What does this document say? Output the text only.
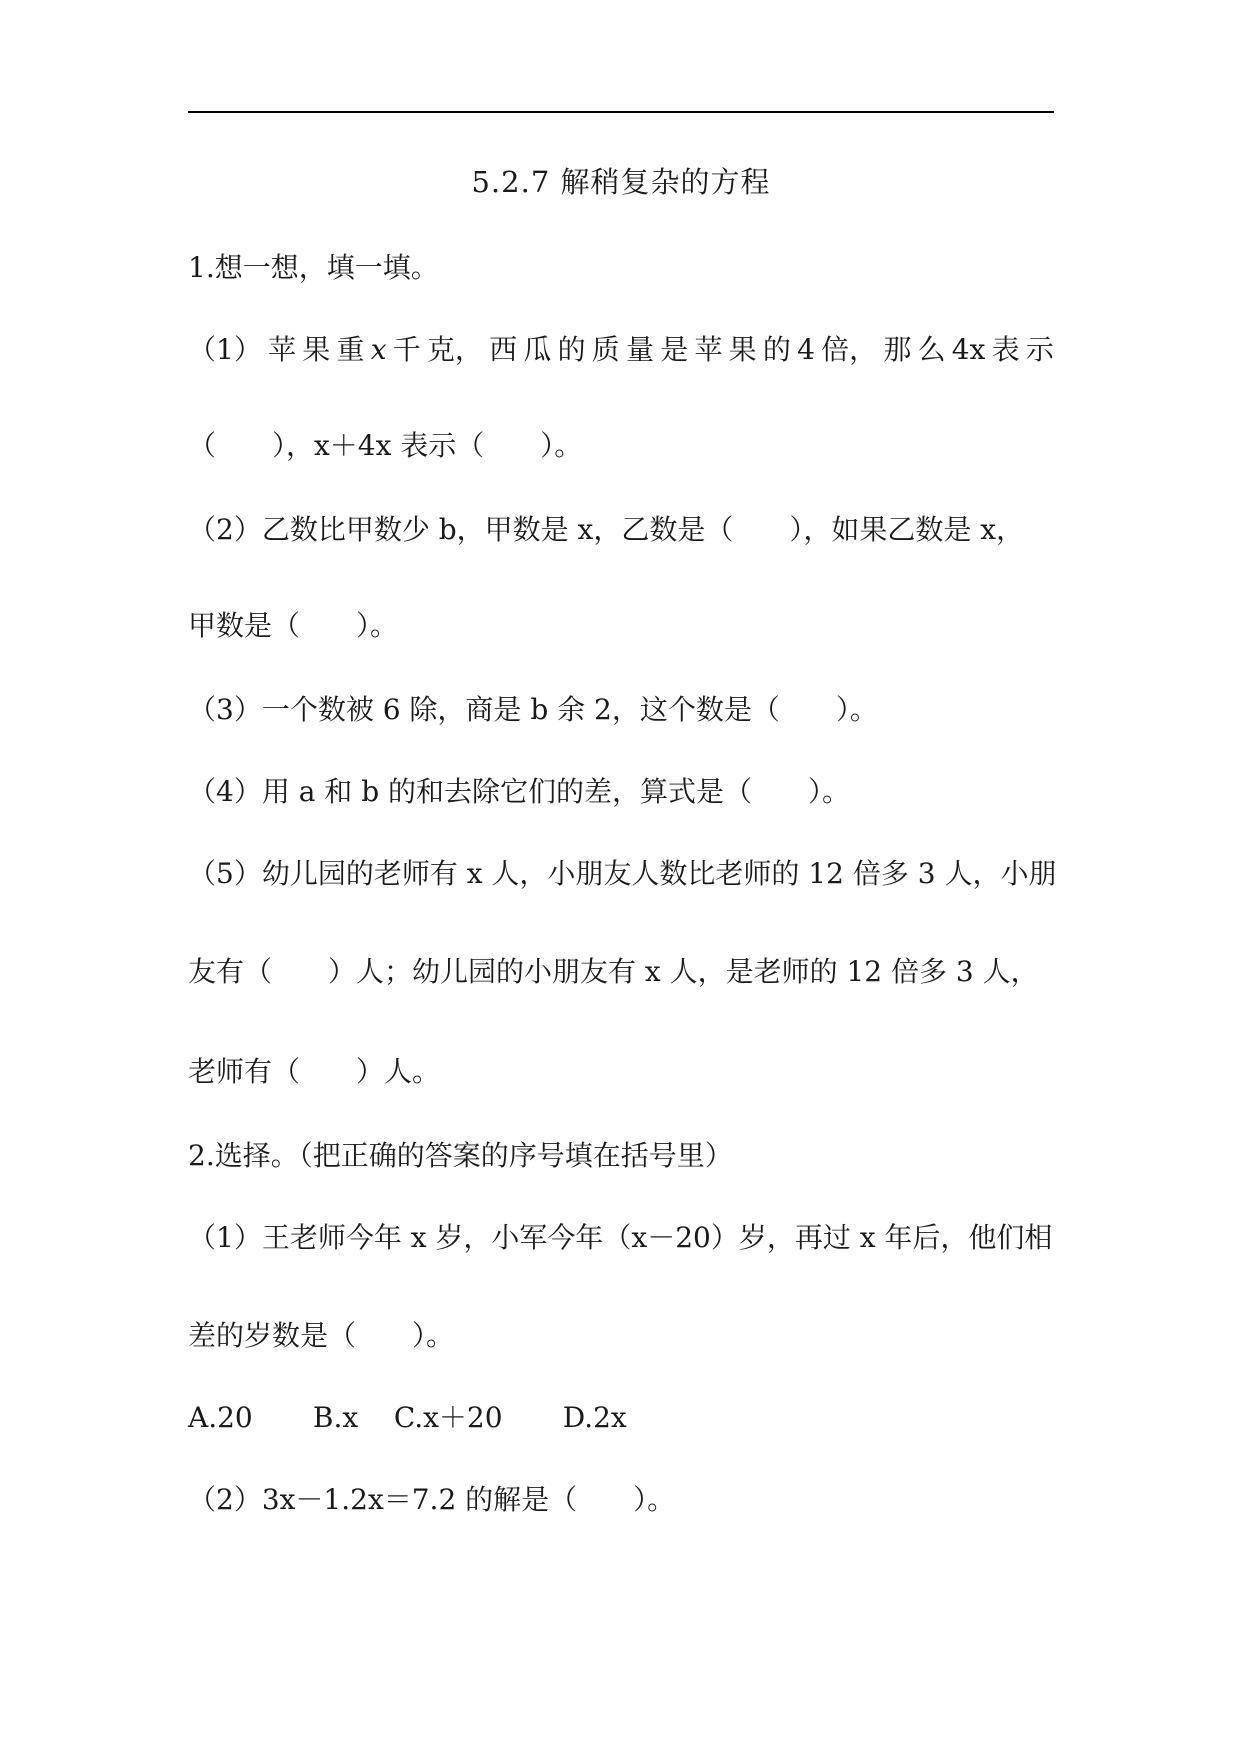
5.2.7 解稍复杂的方程
1.想一想，填一填。
（1） 苹 果 重 x 千 克， 西 瓜 的 质 量 是 苹 果 的 4 倍， 那 么 4x 表 示
（　　），x＋4x 表示（　　）。
（2）乙数比甲数少 b，甲数是 x，乙数是（　　），如果乙数是 x，
甲数是（　　）。
（3）一个数被 6 除，商是 b 余 2，这个数是（　　）。
（4）用 a 和 b 的和去除它们的差，算式是（　　）。
（5）幼儿园的老师有 x 人，小朋友人数比老师的 12 倍多 3 人，小朋
友有（　　）人；幼儿园的小朋友有 x 人，是老师的 12 倍多 3 人，
老师有（　　）人。
2.选择。（把正确的答案的序号填在括号里）
（1）王老师今年 x 岁，小军今年（x－20）岁，再过 x 年后，他们相
差的岁数是（　　）。
A.20 B.x C.x＋20 D.2x
（2）3x－1.2x＝7.2 的解是（　　）。
